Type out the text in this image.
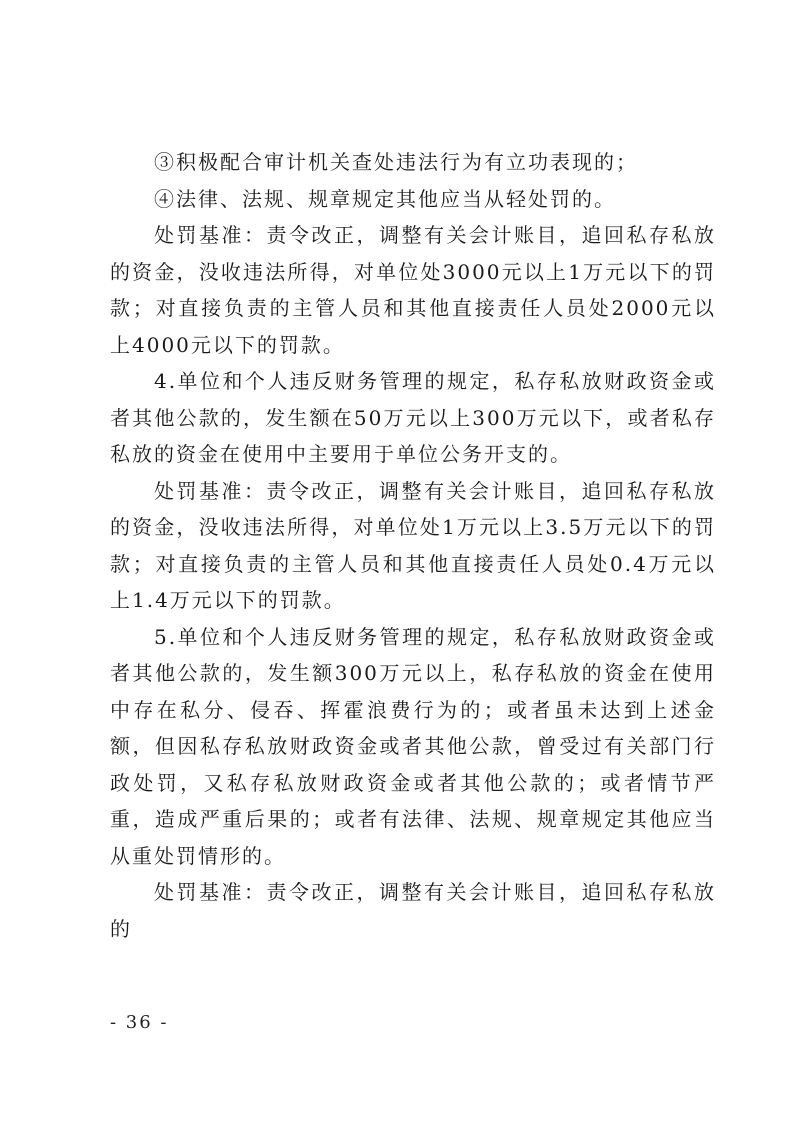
③积极配合审计机关查处违法行为有立功表现的；

④法律、法规、规章规定其他应当从轻处罚的。

处罚基准：责令改正，调整有关会计账目，追回私存私放的资金，没收违法所得，对单位处3000元以上1万元以下的罚款；对直接负责的主管人员和其他直接责任人员处2000元以上4000元以下的罚款。

4.单位和个人违反财务管理的规定，私存私放财政资金或者其他公款的，发生额在50万元以上300万元以下，或者私存私放的资金在使用中主要用于单位公务开支的。

处罚基准：责令改正，调整有关会计账目，追回私存私放的资金，没收违法所得，对单位处1万元以上3.5万元以下的罚款；对直接负责的主管人员和其他直接责任人员处0.4万元以上1.4万元以下的罚款。

5.单位和个人违反财务管理的规定，私存私放财政资金或者其他公款的，发生额300万元以上，私存私放的资金在使用中存在私分、侵吞、挥霍浪费行为的；或者虽未达到上述金额，但因私存私放财政资金或者其他公款，曾受过有关部门行政处罚，又私存私放财政资金或者其他公款的；或者情节严重，造成严重后果的；或者有法律、法规、规章规定其他应当从重处罚情形的。

处罚基准：责令改正，调整有关会计账目，追回私存私放的

- 36 -
